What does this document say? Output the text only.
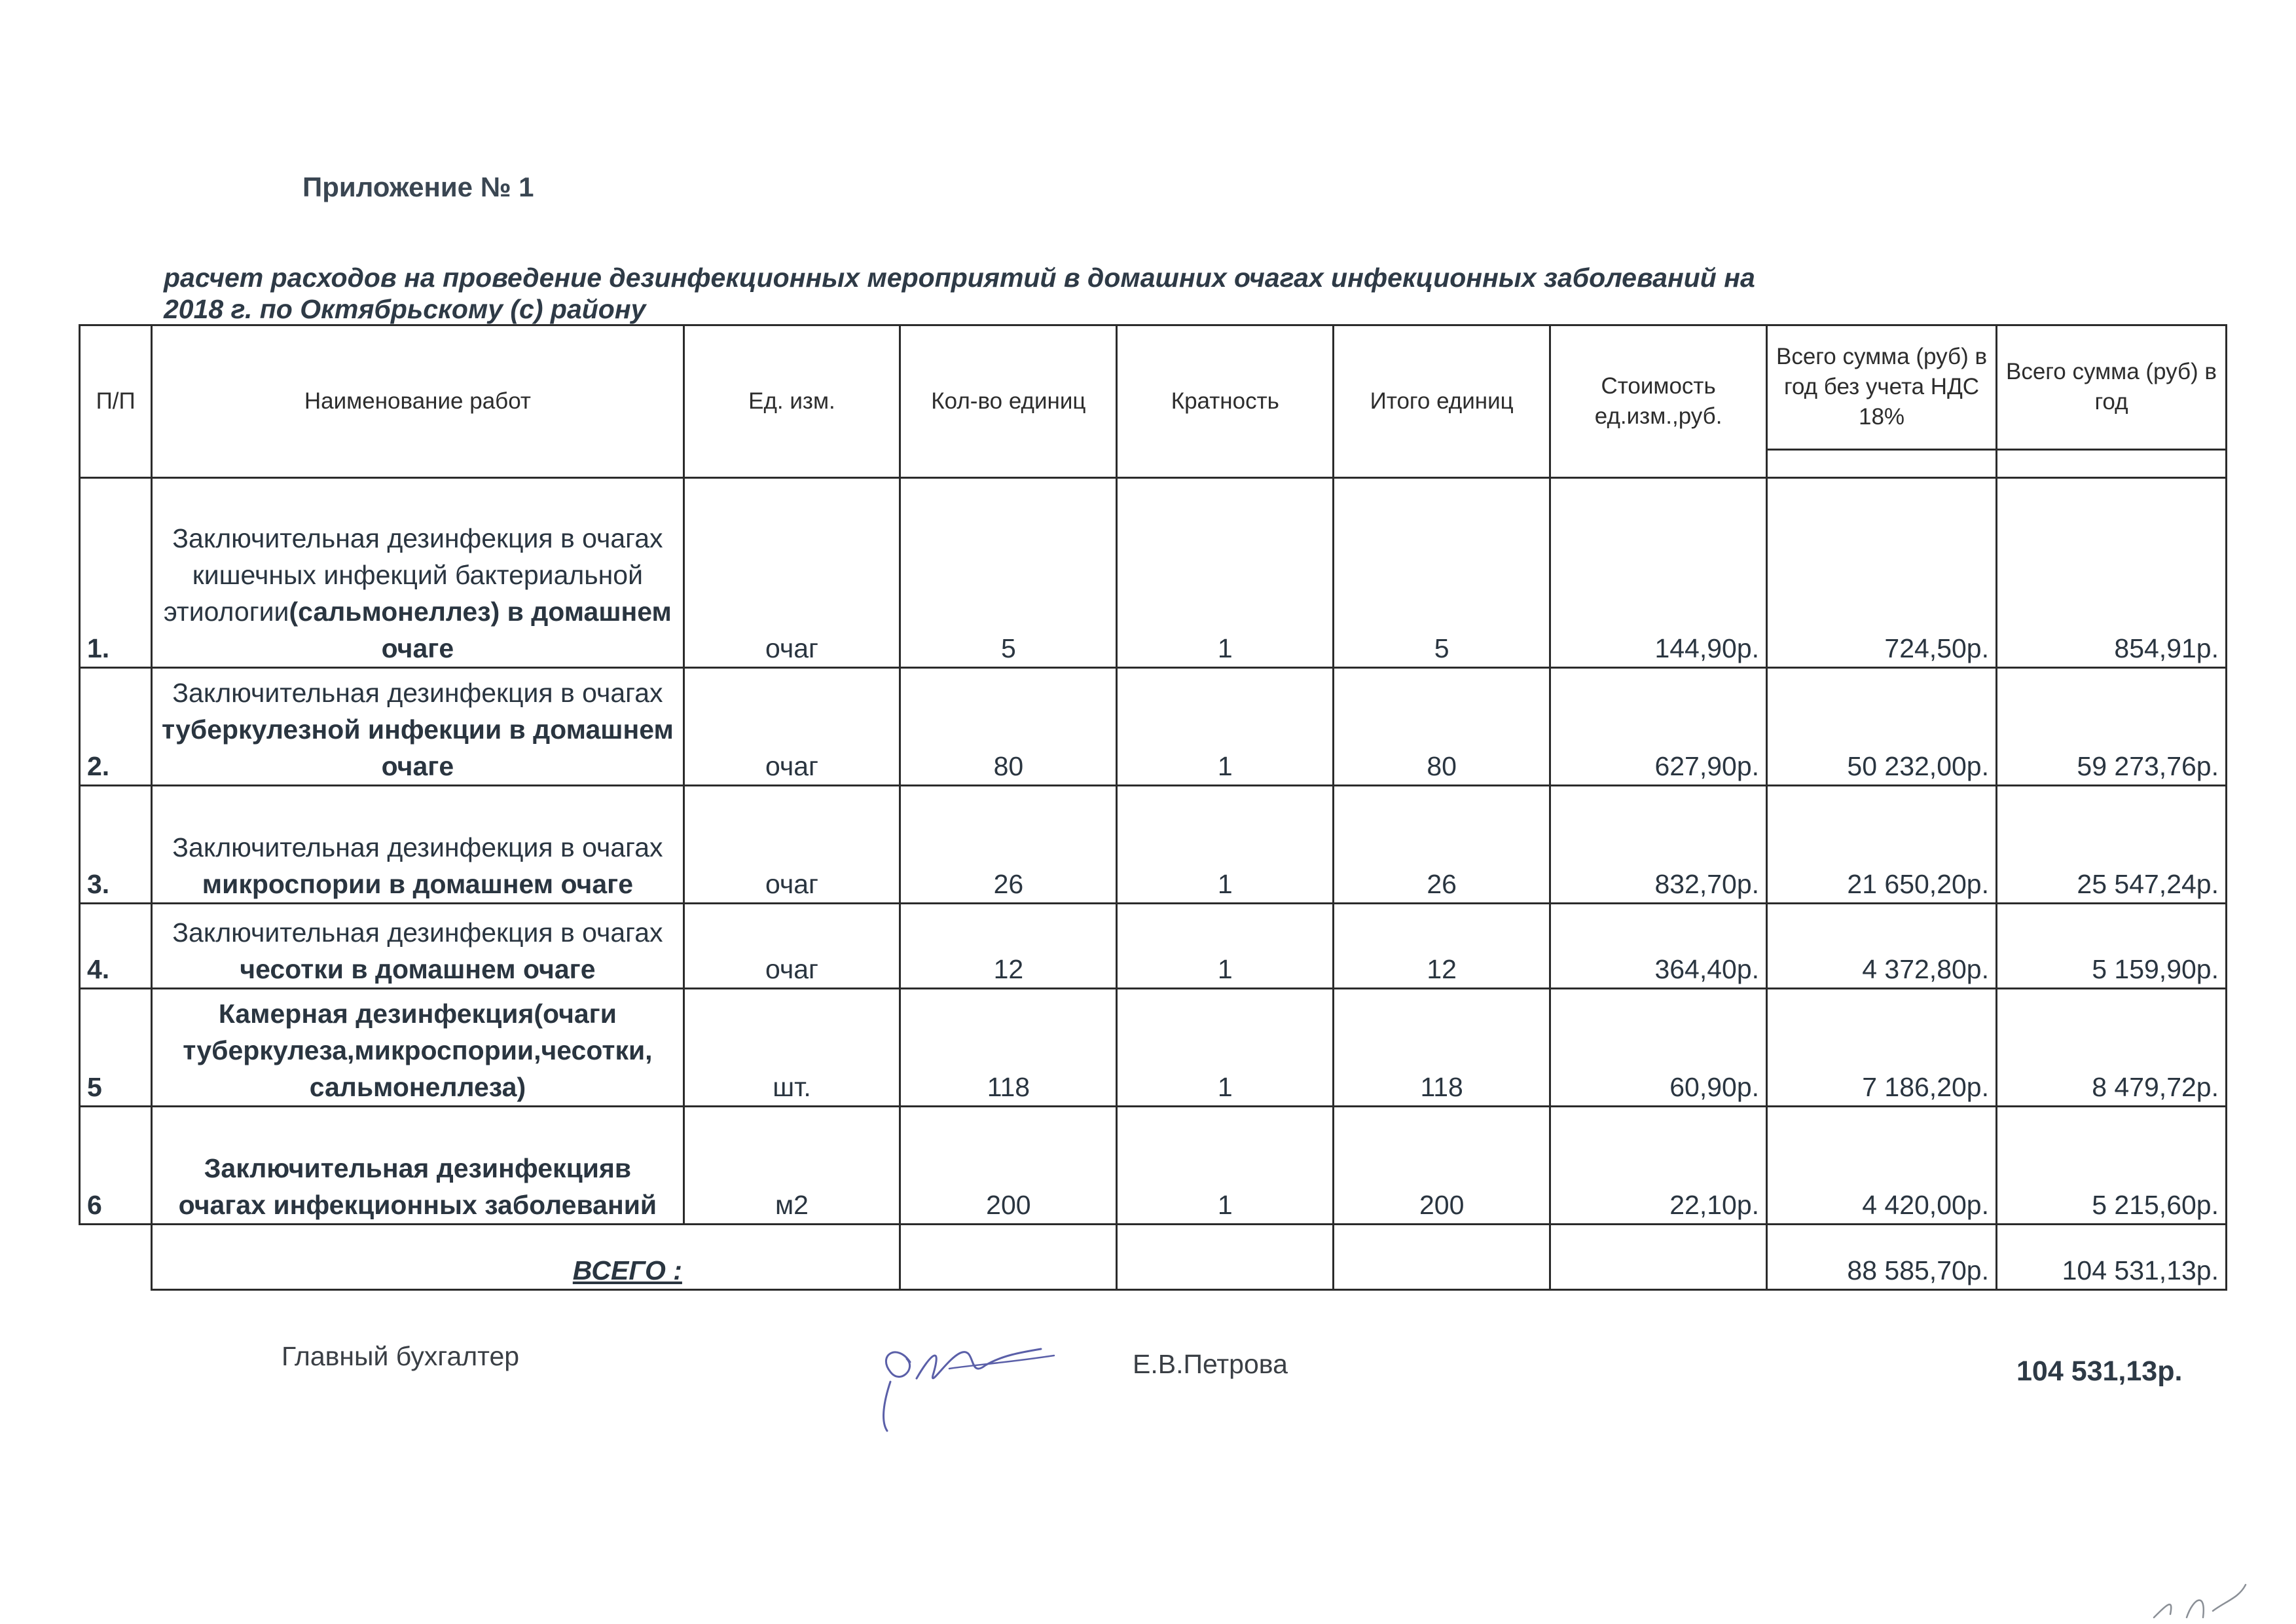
Приложение № 1
расчет расходов на проведение дезинфекционных мероприятий в домашних очагах инфекционных заболеваний на 2018 г. по Октябрьскому (с) району
П/П	Наименование работ	Ед. изм.	Кол-во единиц	Кратность	Итого единиц	Стоимость ед.изм.,руб.	Всего сумма (руб) в год без учета НДС 18%	Всего сумма (руб) в год

1.	Заключительная дезинфекция в очагах кишечных инфекций бактериальной этиологии(сальмонеллез) в домашнем очаге	очаг	5	1	5	144,90р.	724,50р.	854,91р.
2.	Заключительная дезинфекция в очагах туберкулезной инфекции в домашнем очаге	очаг	80	1	80	627,90р.	50 232,00р.	59 273,76р.
3.	Заключительная дезинфекция в очагах микроспории в домашнем очаге	очаг	26	1	26	832,70р.	21 650,20р.	25 547,24р.
4.	Заключительная дезинфекция в очагах чесотки в домашнем очаге	очаг	12	1	12	364,40р.	4 372,80р.	5 159,90р.
5	Камерная дезинфекция(очаги туберкулеза,микроспории,чесотки, сальмонеллеза)	шт.	118	1	118	60,90р.	7 186,20р.	8 479,72р.
6	Заключительная дезинфекцияв очагах инфекционных заболеваний	м2	200	1	200	22,10р.	4 420,00р.	5 215,60р.
	ВСЕГО :						88 585,70р.	104 531,13р.
Главный бухгалтер	Е.В.Петрова	104 531,13р.
